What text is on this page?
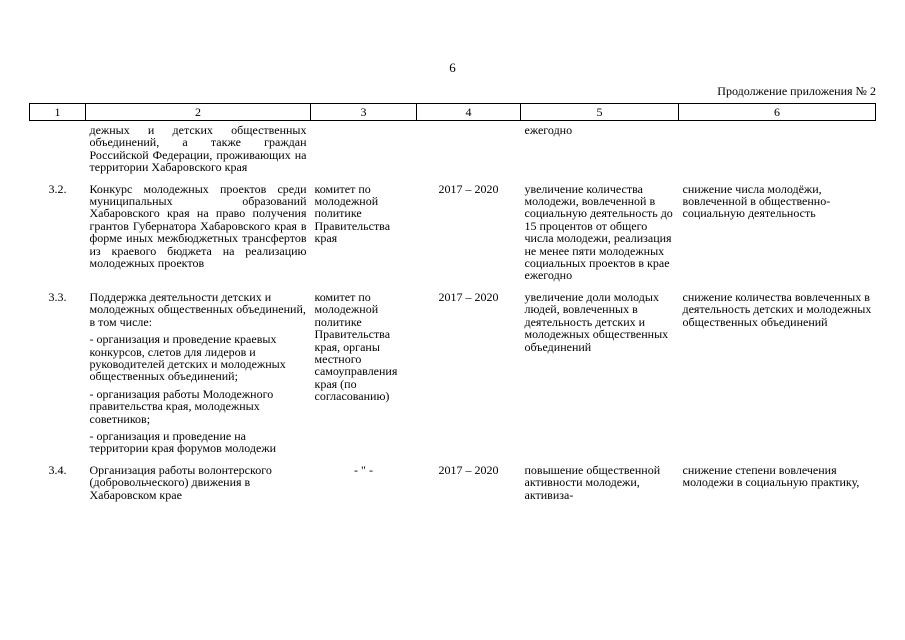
6
Продолжение приложения № 2
1	2	3	4	5	6

	дежных и детских общественных объединений, а также граждан Российской Федерации, проживающих на территории Хабаровского края			ежегодно	
3.2.	Конкурс молодежных проектов среди муниципальных образований Хабаровского края на право получения грантов Губернатора Хабаровского края в форме иных межбюджетных трансфертов из краевого бюджета на реализацию молодежных проектов	комитет по молодежной политике Правительства края	2017 – 2020	увеличение количества молодежи, вовлеченной в социальную деятельность до 15 процентов от общего числа молодежи, реализация не менее пяти молодежных социальных проектов в крае ежегодно	снижение числа молодёжи, вовлеченной в общественно-социальную деятельность
3.3.	Поддержка деятельности детских и молодежных общественных объединений, в том числе:

- организация и проведение краевых конкурсов, слетов для лидеров и руководителей детских и молодежных общественных объединений;

- организация работы Молодежного правительства края, молодежных советников;

- организация и проведение на территории края форумов молодежи	комитет по молодежной политике Правительства края, органы местного самоуправления края (по согласованию)	2017 – 2020	увеличение доли молодых людей, вовлеченных в деятельность детских и молодежных общественных объединений	снижение количества вовлеченных в деятельность детских и молодежных общественных объединений
3.4.	Организация работы волонтерского (добровольческого) движения в Хабаровском крае	- " -	2017 – 2020	повышение общественной активности молодежи, активиза-	снижение степени вовлечения молодежи в социальную практику,
